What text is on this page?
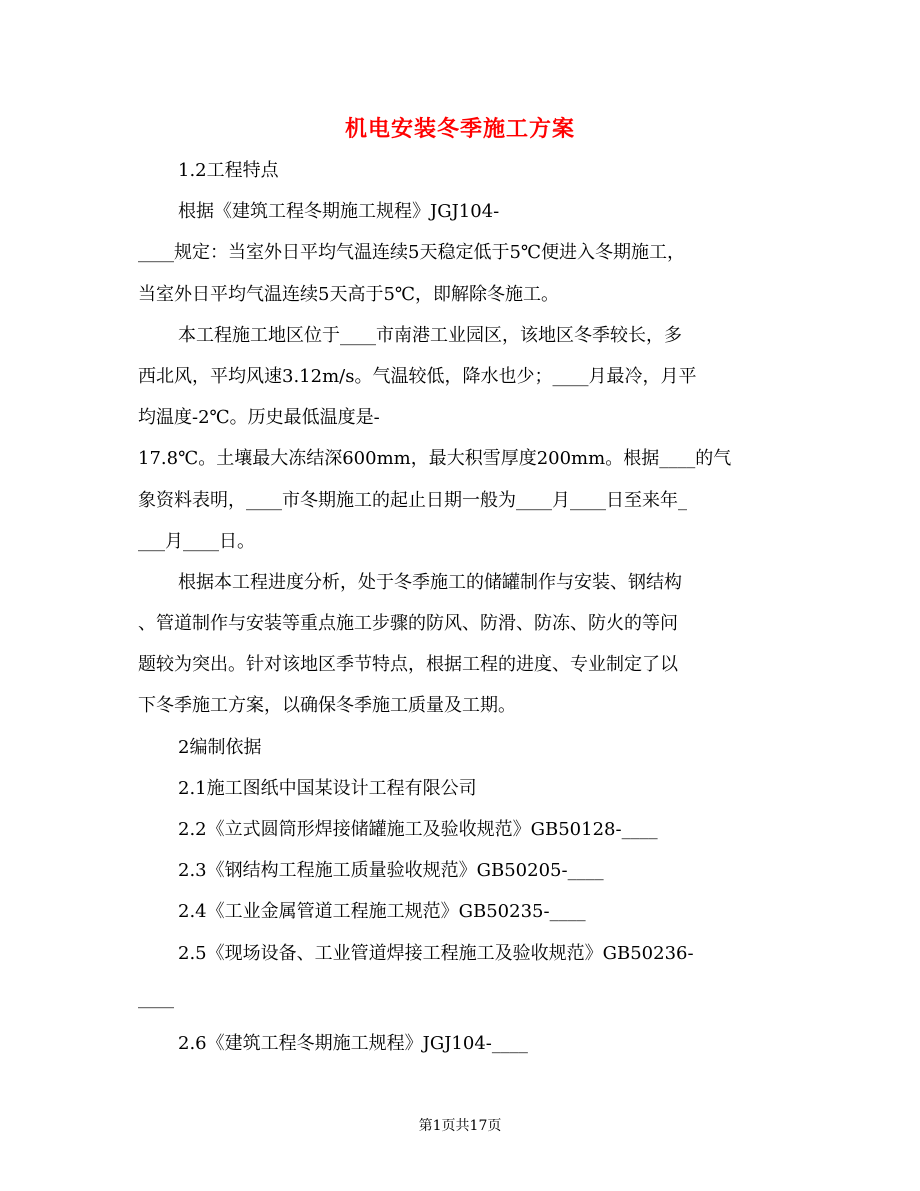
机电安装冬季施工方案
1.2工程特点
根据《建筑工程冬期施工规程》JGJ104-
____规定：当室外日平均气温连续5天稳定低于5℃便进入冬期施工，
当室外日平均气温连续5天高于5℃，即解除冬施工。
本工程施工地区位于____市南港工业园区，该地区冬季较长，多
西北风，平均风速3.12m/s。气温较低，降水也少；____月最冷，月平
均温度-2℃。历史最低温度是-
17.8℃。土壤最大冻结深600mm，最大积雪厚度200mm。根据____的气
象资料表明，____市冬期施工的起止日期一般为____月____日至来年_
___月____日。
根据本工程进度分析，处于冬季施工的储罐制作与安装、钢结构
、管道制作与安装等重点施工步骤的防风、防滑、防冻、防火的等问
题较为突出。针对该地区季节特点，根据工程的进度、专业制定了以
下冬季施工方案，以确保冬季施工质量及工期。
2编制依据
2.1施工图纸中国某设计工程有限公司
2.2《立式圆筒形焊接储罐施工及验收规范》GB50128-____
2.3《钢结构工程施工质量验收规范》GB50205-____
2.4《工业金属管道工程施工规范》GB50235-____
2.5《现场设备、工业管道焊接工程施工及验收规范》GB50236-
____
2.6《建筑工程冬期施工规程》JGJ104-____
第1页共17页
